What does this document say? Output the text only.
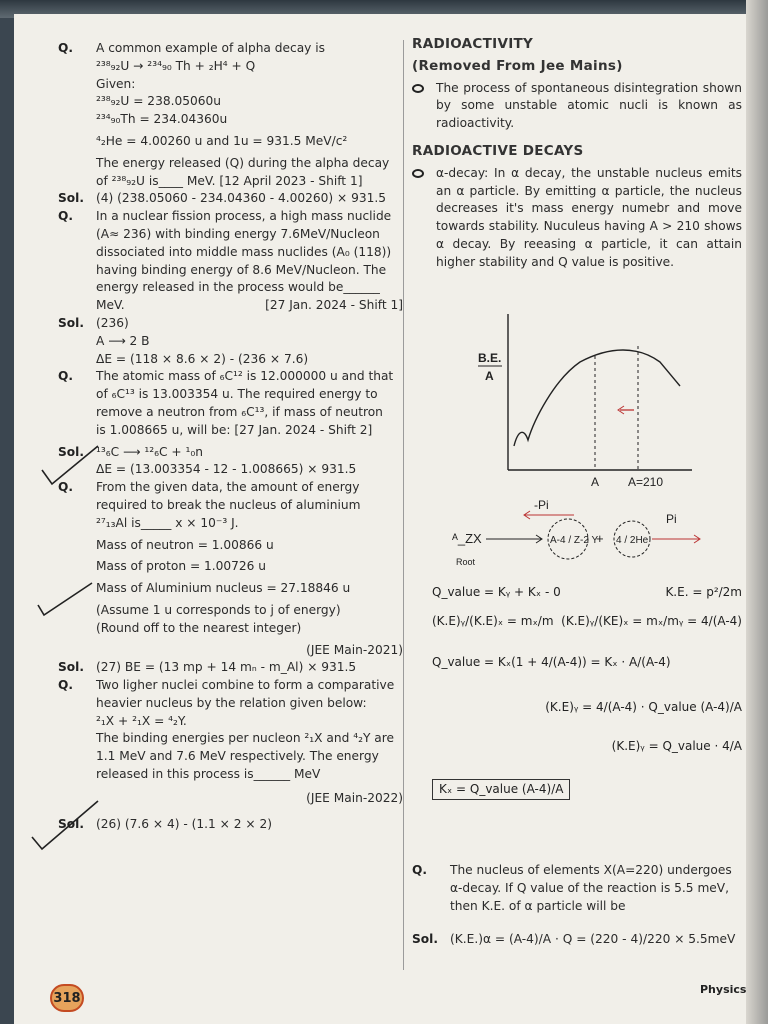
Q.	A common example of alpha decay is
²³⁸₉₂U → ²³⁴₉₀ Th + ₂H⁴ + Q
Given:
²³⁸₉₂U = 238.05060u
²³⁴₉₀Th = 234.04360u
⁴₂He = 4.00260 u and 1u = 931.5 MeV/c²
The energy released (Q) during the alpha decay
of ²³⁸₉₂U is____ MeV. [12 April 2023 - Shift 1]
Sol. (4) (238.05060 - 234.04360 - 4.00260) × 931.5
Q.	In a nuclear fission process, a high mass nuclide
(A≈ 236) with binding energy 7.6MeV/Nucleon
dissociated into middle mass nuclides (A₀ (118))
having binding energy of 8.6 MeV/Nucleon. The
energy released in the process would be______
MeV.	[27 Jan. 2024 - Shift 1]
Sol. (236)
A ⟶ 2 B
ΔE = (118 × 8.6 × 2) - (236 × 7.6)
Q.	The atomic mass of ₆C¹² is 12.000000 u and that
of ₆C¹³ is 13.003354 u. The required energy to
remove a neutron from ₆C¹³, if mass of neutron
is 1.008665 u, will be: [27 Jan. 2024 - Shift 2]
Sol. ¹³₆C ⟶ ¹²₆C + ¹₀n
ΔE = (13.003354 - 12 - 1.008665) × 931.5
Q.	From the given data, the amount of energy
required to break the nucleus of aluminium
²⁷₁₃Al is_____ x × 10⁻³ J.
Mass of neutron = 1.00866 u
Mass of proton = 1.00726 u
Mass of Aluminium nucleus = 27.18846 u
(Assume 1 u corresponds to j of energy)
(Round off to the nearest integer)
(JEE Main-2021)
Sol. (27) BE = (13 mp + 14 mₙ - m_Al) × 931.5
Q.	Two ligher nuclei combine to form a comparative
heavier nucleus by the relation given below:
²₁X + ²₁X = ⁴₂Y.
The binding energies per nucleon ²₁X and ⁴₂Y are
1.1 MeV and 7.6 MeV respectively. The energy
released in this process is______ MeV
(JEE Main-2022)
Sol. (26) (7.6 × 4) - (1.1 × 2 × 2)
RADIOACTIVITY
(Removed From Jee Mains)
The process of spontaneous disintegration shown by some unstable atomic nucli is known as radioactivity.
RADIOACTIVE DECAYS
α-decay: In α decay, the unstable nucleus emits an α particle. By emitting α particle, the nucleus decreases it's mass energy numebr and move towards stability. Nuculeus having A > 210 shows α decay. By reeasing α particle, it can attain higher stability and Q value is positive.
B.E.
A
A A=210
ᴬ_ZX
Root
A-4 / Z-2 Y
+ 4 / 2He
-Pi
Pi
Q_value = Kᵧ + Kₓ - 0	K.E. = p²/2m
(K.E)ᵧ/(K.E)ₓ = mₓ/m (K.E)ᵧ/(KE)ₓ = mₓ/mᵧ = 4/(A-4)
Q_value = Kₓ(1 + 4/(A-4)) = Kₓ · A/(A-4)
(K.E)ᵧ = 4/(A-4) · Q_value (A-4)/A
(K.E)ᵧ = Q_value · 4/A
Kₓ = Q_value (A-4)/A
Q.	The nucleus of elements X(A=220) undergoes
α-decay. If Q value of the reaction is 5.5 meV,
then K.E. of α particle will be
Sol. (K.E.)α = (A-4)/A · Q = (220 - 4)/220 × 5.5meV
318
Physics
